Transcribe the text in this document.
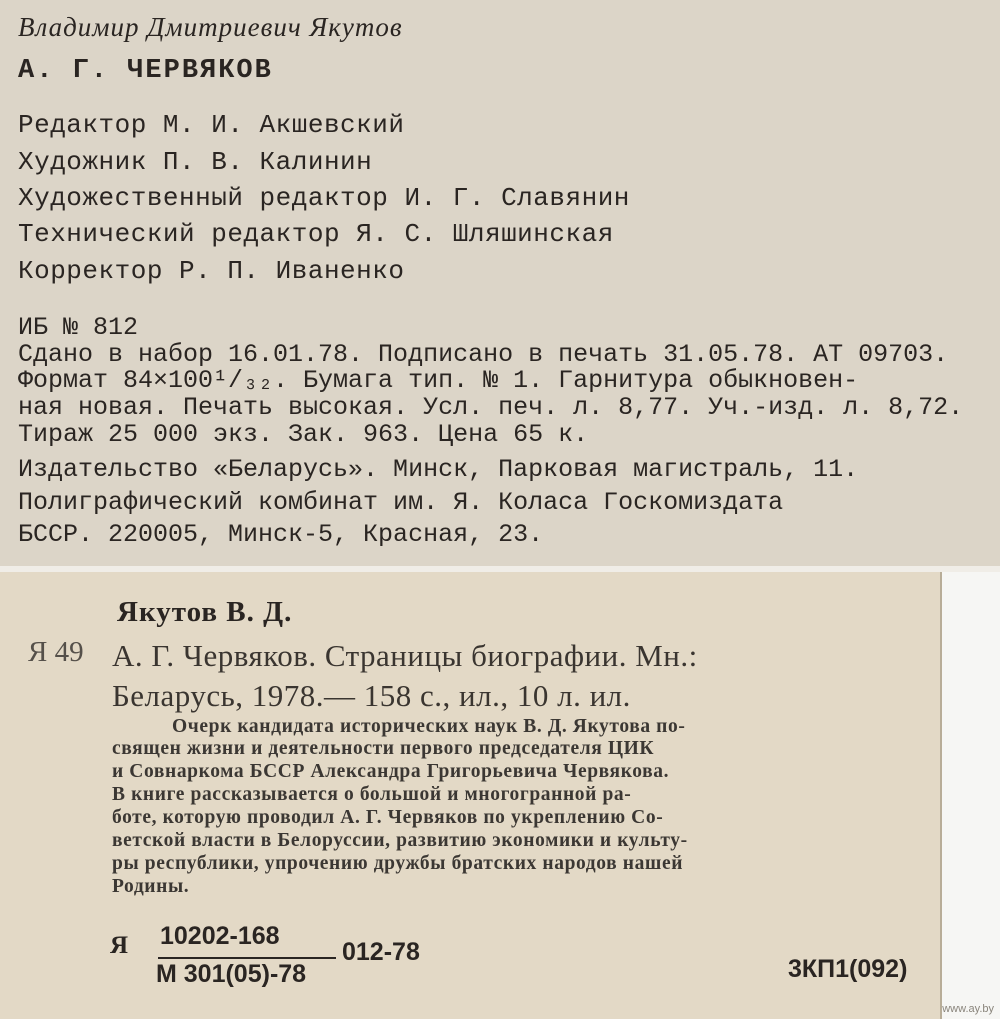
Владимир Дмитриевич Якутов
А. Г. ЧЕРВЯКОВ
Редактор М. И. Акшевский
Художник П. В. Калинин
Художественный редактор И. Г. Славянин
Технический редактор Я. С. Шляшинская
Корректор Р. П. Иваненко
ИБ № 812
Сдано в набор 16.01.78. Подписано в печать 31.05.78. АТ 09703.
Формат 84×100¹/₃₂. Бумага тип. № 1. Гарнитура обыкновен-
ная новая. Печать высокая. Усл. печ. л. 8,77. Уч.-изд. л. 8,72.
Тираж 25 000 экз. Зак. 963. Цена 65 к.
Издательство «Беларусь». Минск, Парковая магистраль, 11.
Полиграфический комбинат им. Я. Коласа Госкомиздата
БССР. 220005, Минск-5, Красная, 23.
Якутов В. Д.
Я 49 А. Г. Червяков. Страницы биографии. Мн.:
Беларусь, 1978.— 158 с., ил., 10 л. ил.
Очерк кандидата исторических наук В. Д. Якутова по-
священ жизни и деятельности первого председателя ЦИК
и Совнаркома БССР Александра Григорьевича Червякова.
В книге рассказывается о большой и многогранной ра-
боте, которую проводил А. Г. Червяков по укреплению Со-
ветской власти в Белоруссии, развитию экономики и культу-
ры республики, упрочению дружбы братских народов нашей
Родины.
Я 10202-168
М 301(05)-78
012-78
3КП1(092)
www.ay.by
